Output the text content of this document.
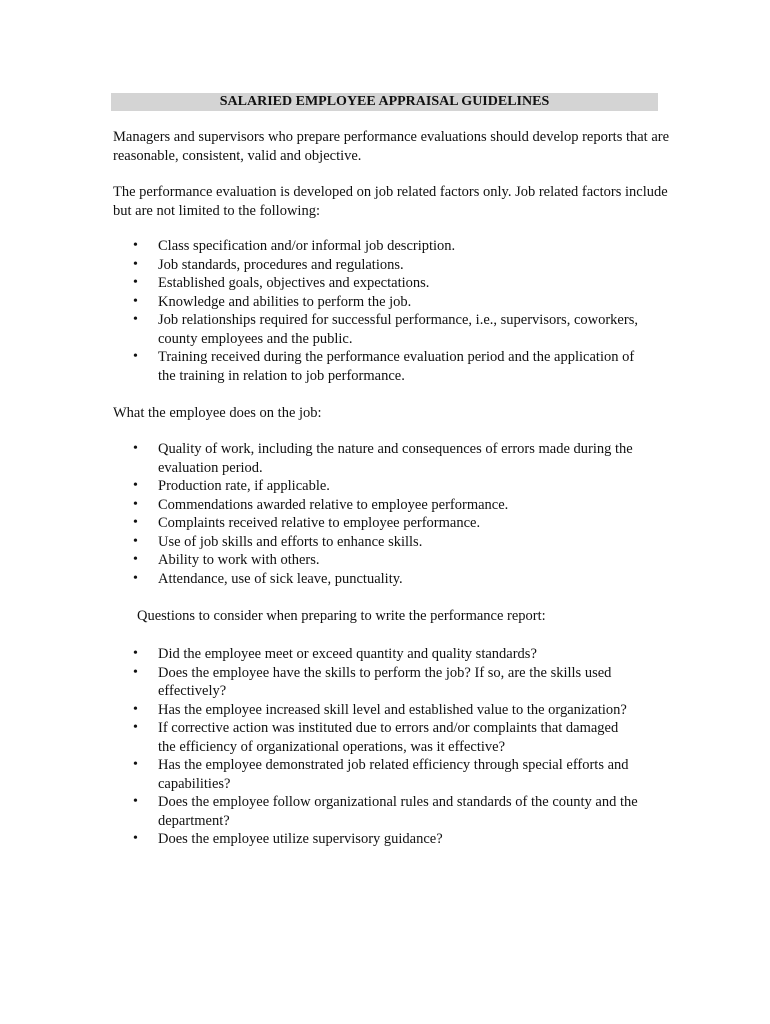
SALARIED EMPLOYEE APPRAISAL GUIDELINES
Managers and supervisors who prepare performance evaluations should develop reports that are reasonable, consistent, valid and objective.
The performance evaluation is developed on job related factors only. Job related factors include but are not limited to the following:
• Class specification and/or informal job description.
• Job standards, procedures and regulations.
• Established goals, objectives and expectations.
• Knowledge and abilities to perform the job.
• Job relationships required for successful performance, i.e., supervisors, coworkers, county employees and the public.
• Training received during the performance evaluation period and the application of the training in relation to job performance.
What the employee does on the job:
• Quality of work, including the nature and consequences of errors made during the evaluation period.
• Production rate, if applicable.
• Commendations awarded relative to employee performance.
• Complaints received relative to employee performance.
• Use of job skills and efforts to enhance skills.
• Ability to work with others.
• Attendance, use of sick leave, punctuality.
Questions to consider when preparing to write the performance report:
• Did the employee meet or exceed quantity and quality standards?
• Does the employee have the skills to perform the job? If so, are the skills used effectively?
• Has the employee increased skill level and established value to the organization?
• If corrective action was instituted due to errors and/or complaints that damaged the efficiency of organizational operations, was it effective?
• Has the employee demonstrated job related efficiency through special efforts and capabilities?
• Does the employee follow organizational rules and standards of the county and the department?
• Does the employee utilize supervisory guidance?
